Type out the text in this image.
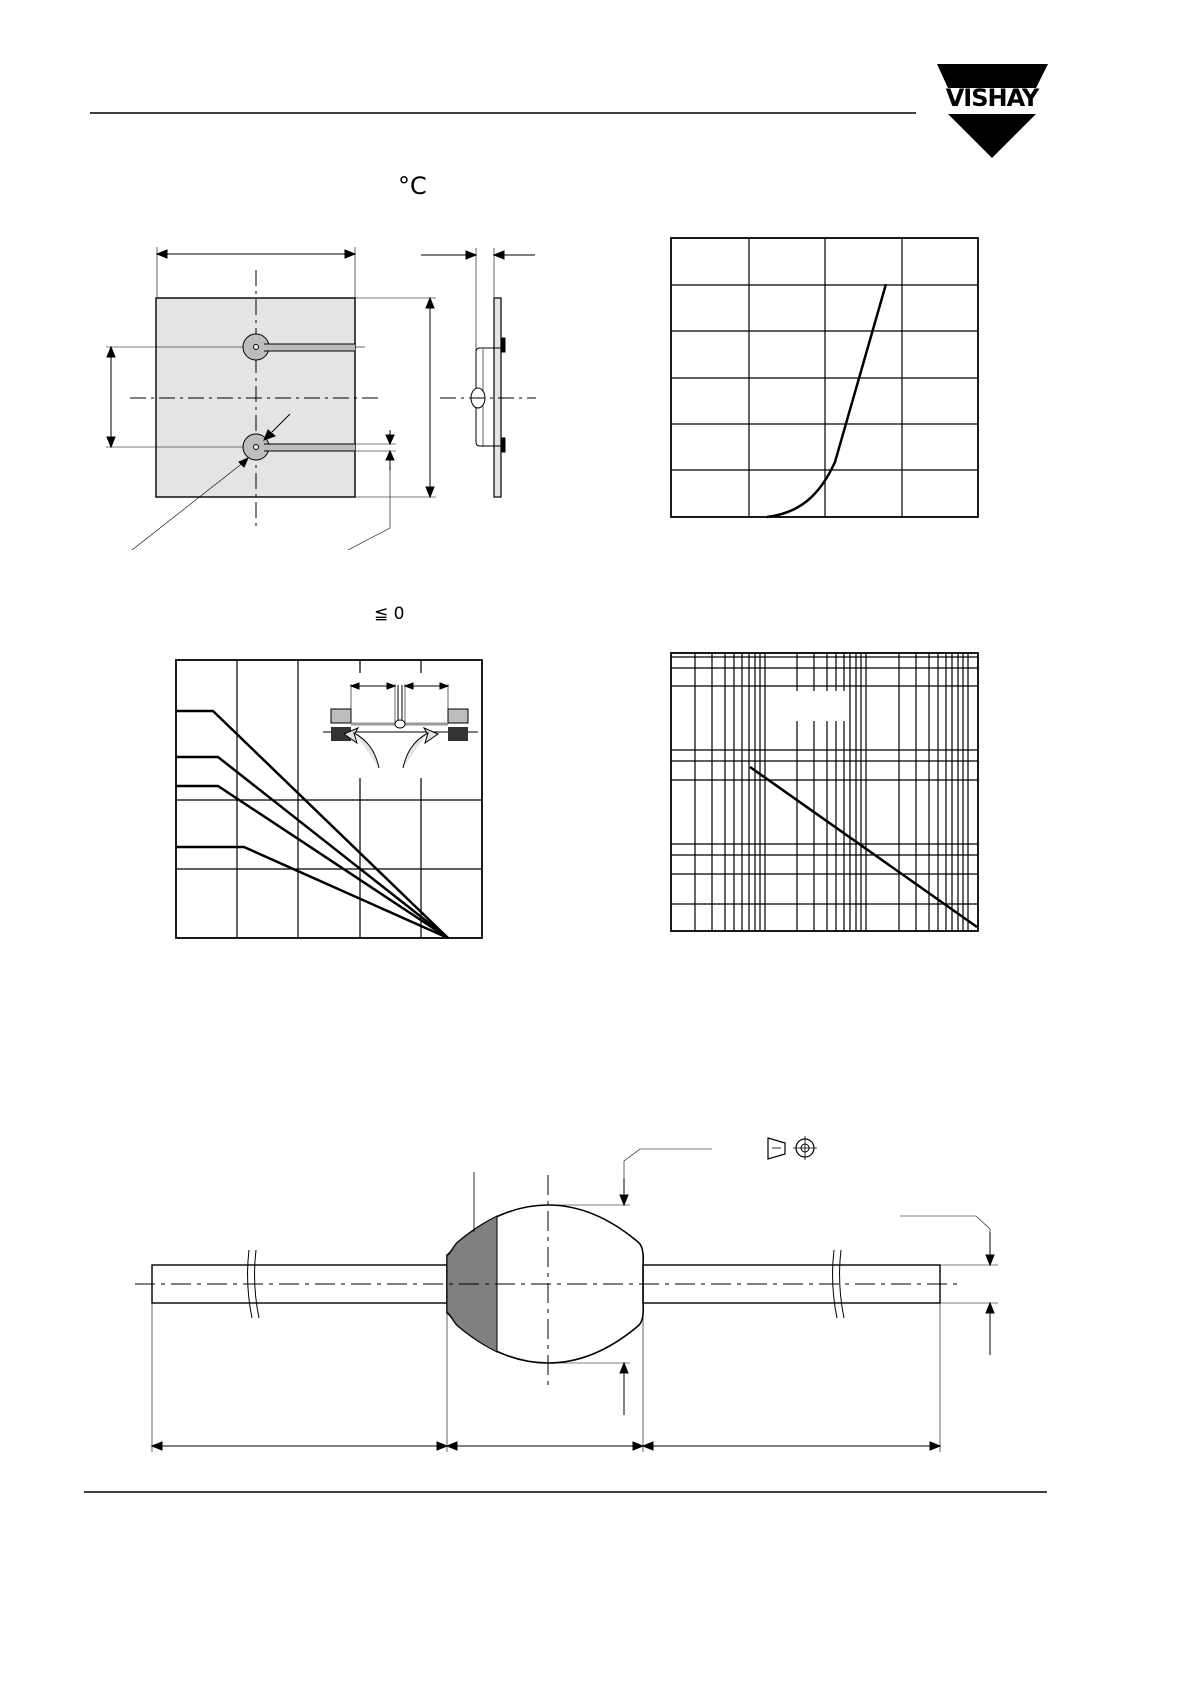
VISHAY
°C
≦ 0
